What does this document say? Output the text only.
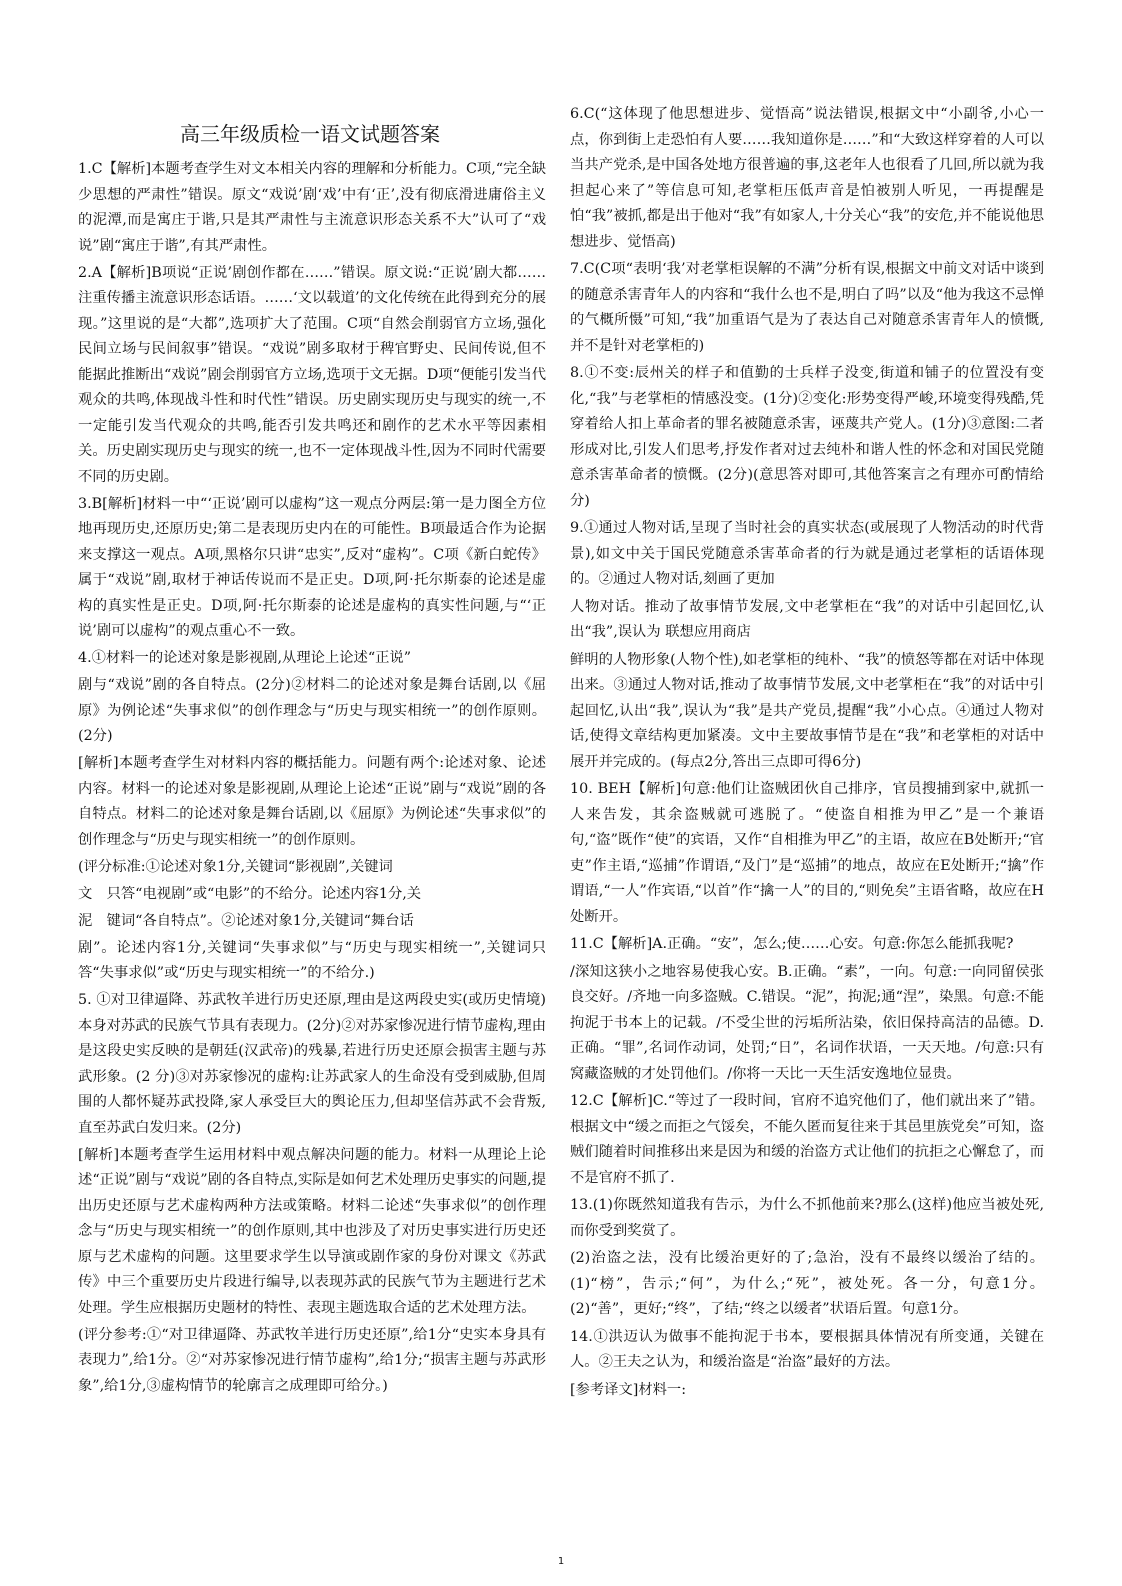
高三年级质检一语文试题答案

1.C【解析]本题考查学生对文本相关内容的理解和分析能力。C项,“完全缺少思想的严肃性”错误。原文“戏说’剧‘戏’中有‘正’,没有彻底滑进庸俗主义的泥潭,而是寓庄于谐,只是其严肃性与主流意识形态关系不大”认可了“戏说”剧“寓庄于谐”,有其严肃性。

2.A【解析]B项说“正说’剧创作都在……”错误。原文说:“正说’剧大都……注重传播主流意识形态话语。……‘文以载道’的文化传统在此得到充分的展现。”这里说的是“大都”,选项扩大了范围。C项“自然会削弱官方立场,强化民间立场与民间叙事”错误。“戏说”剧多取材于稗官野史、民间传说,但不能据此推断出“戏说”剧会削弱官方立场,选项于文无据。D项“便能引发当代观众的共鸣,体现战斗性和时代性”错误。历史剧实现历史与现实的统一,不一定能引发当代观众的共鸣,能否引发共鸣还和剧作的艺术水平等因素相关。历史剧实现历史与现实的统一,也不一定体现战斗性,因为不同时代需要不同的历史剧。

3.B[解析]材料一中“‘正说’剧可以虚构”这一观点分两层:第一是力图全方位地再现历史,还原历史;第二是表现历史内在的可能性。B项最适合作为论据来支撑这一观点。A项,黑格尔只讲“忠实”,反对“虚构”。C项《新白蛇传》属于“戏说”剧,取材于神话传说而不是正史。D项,阿·托尔斯泰的论述是虚构的真实性是正史。D项,阿·托尔斯泰的论述是虚构的真实性问题,与“‘正说’剧可以虚构”的观点重心不一致。

4.①材料一的论述对象是影视剧,从理论上论述“正说”

剧与“戏说”剧的各自特点。(2分)②材料二的论述对象是舞台话剧,以《屈原》为例论述“失事求似”的创作理念与“历史与现实相统一”的创作原则。(2分)

[解析]本题考查学生对材料内容的概括能力。问题有两个:论述对象、论述内容。材料一的论述对象是影视剧,从理论上论述“正说”剧与“戏说”剧的各自特点。材料二的论述对象是舞台话剧,以《屈原》为例论述“失事求似”的创作理念与“历史与现实相统一”的创作原则。

(评分标准:①论述对象1分,关键词“影视剧”,关键词

文　只答“电视剧”或“电影”的不给分。论述内容1分,关

泥　键词“各自特点”。②论述对象1分,关键词“舞台话

剧”。论述内容1分,关键词“失事求似”与“历史与现实相统一”,关键词只答“失事求似”或“历史与现实相统一”的不给分.)

5. ①对卫律逼降、苏武牧羊进行历史还原,理由是这两段史实(或历史情境)本身对苏武的民族气节具有表现力。(2分)②对苏家惨况进行情节虚构,理由是这段史实反映的是朝廷(汉武帝)的残暴,若进行历史还原会损害主题与苏武形象。(2 分)③对苏家惨况的虚构:让苏武家人的生命没有受到威胁,但周围的人都怀疑苏武投降,家人承受巨大的舆论压力,但却坚信苏武不会背叛,直至苏武白发归来。(2分)

[解析]本题考查学生运用材料中观点解决问题的能力。材料一从理论上论述“正说”剧与“戏说”剧的各自特点,实际是如何艺术处理历史事实的问题,提出历史还原与艺术虚构两种方法或策略。材料二论述“失事求似”的创作理念与“历史与现实相统一”的创作原则,其中也涉及了对历史事实进行历史还原与艺术虚构的问题。这里要求学生以导演或剧作家的身份对课文《苏武传》中三个重要历史片段进行编导,以表现苏武的民族气节为主题进行艺术处理。学生应根据历史题材的特性、表现主题选取合适的艺术处理方法。

(评分参考:①“对卫律逼降、苏武牧羊进行历史还原”,给1分“史实本身具有表现力”,给1分。②“对苏家惨况进行情节虚构”,给1分;“损害主题与苏武形象”,给1分,③虚构情节的轮廓言之成理即可给分。)

6.C(“这体现了他思想进步、觉悟高”说法错误,根据文中“小副爷,小心一点，你到街上走恐怕有人要……我知道你是……”和“大致这样穿着的人可以当共产党杀,是中国各处地方很普遍的事,这老年人也很看了几回,所以就为我担起心来了”等信息可知,老掌柜压低声音是怕被别人听见，一再提醒是怕“我”被抓,都是出于他对“我”有如家人,十分关心“我”的安危,并不能说他思想进步、觉悟高)

7.C(C项“表明‘我’对老掌柜误解的不满”分析有误,根据文中前文对话中谈到的随意杀害青年人的内容和“我什么也不是,明白了吗”以及“他为我这不忌惮的气概所慑”可知,“我”加重语气是为了表达自己对随意杀害青年人的愤慨,并不是针对老掌柜的)

8.①不变:辰州关的样子和值勤的士兵样子没变,街道和铺子的位置没有变化,“我”与老掌柜的情感没变。(1分)②变化:形势变得严峻,环境变得残酷,凭穿着给人扣上革命者的罪名被随意杀害，诬蔑共产党人。(1分)③意图:二者形成对比,引发人们思考,抒发作者对过去纯朴和谐人性的怀念和对国民党随意杀害革命者的愤慨。(2分)(意思答对即可,其他答案言之有理亦可酌情给分)

9.①通过人物对话,呈现了当时社会的真实状态(或展现了人物活动的时代背景),如文中关于国民党随意杀害革命者的行为就是通过老掌柜的话语体现的。②通过人物对话,刻画了更加

人物对话。推动了故事情节发展,文中老掌柜在“我”的对话中引起回忆,认出“我”,误认为 联想应用商店

鲜明的人物形象(人物个性),如老掌柜的纯朴、“我”的愤怒等都在对话中体现出来。③通过人物对话,推动了故事情节发展,文中老掌柜在“我”的对话中引起回忆,认出“我”,误认为“我”是共产党员,提醒“我”小心点。④通过人物对话,使得文章结构更加紧凑。文中主要故事情节是在“我”和老掌柜的对话中展开并完成的。(每点2分,答出三点即可得6分)

10. BEH【解析]句意:他们让盗贼团伙自己排序，官员搜捕到家中,就抓一人来告发，其余盗贼就可逃脱了。“使盗自相推为甲乙”是一个兼语句,“盗”既作“使”的宾语，又作“自相推为甲乙”的主语，故应在B处断开;“官吏”作主语,“巡捕”作谓语,“及门”是“巡捕”的地点，故应在E处断开;“擒”作谓语,“一人”作宾语,“以首”作“擒一人”的目的,“则免矣”主语省略，故应在H处断开。

11.C【解析]A.正确。“安”，怎么;使……心安。句意:你怎么能抓我呢?

/深知这狭小之地容易使我心安。B.正确。“素”，一向。句意:一向同留侯张良交好。/齐地一向多盗贼。C.错误。“泥”，拘泥;通“涅”，染黑。句意:不能拘泥于书本上的记载。/不受尘世的污垢所沾染，依旧保持高洁的品德。D.正确。“罪”,名词作动词，处罚;“日”，名词作状语，一天天地。/句意:只有窝藏盗贼的才处罚他们。/你将一天比一天生活安逸地位显贵。

12.C【解析]C.“等过了一段时间，官府不追究他们了，他们就出来了”错。根据文中“缓之而拒之气馁矣，不能久匿而复往来于其邑里族党矣”可知，盗贼们随着时间推移出来是因为和缓的治盗方式让他们的抗拒之心懈怠了，而不是官府不抓了.

13.(1)你既然知道我有告示，为什么不抓他前来?那么(这样)他应当被处死,而你受到奖赏了。

(2)治盗之法，没有比缓治更好的了;急治，没有不最终以缓治了结的。(1)“榜”，告示;“何”，为什么;“死”，被处死。各一分，句意1分。(2)“善”，更好;“终”，了结;“终之以缓者”状语后置。句意1分。

14.①洪迈认为做事不能拘泥于书本，要根据具体情况有所变通，关键在人。②王夫之认为，和缓治盗是“治盗”最好的方法。

[参考译文]材料一:

1
